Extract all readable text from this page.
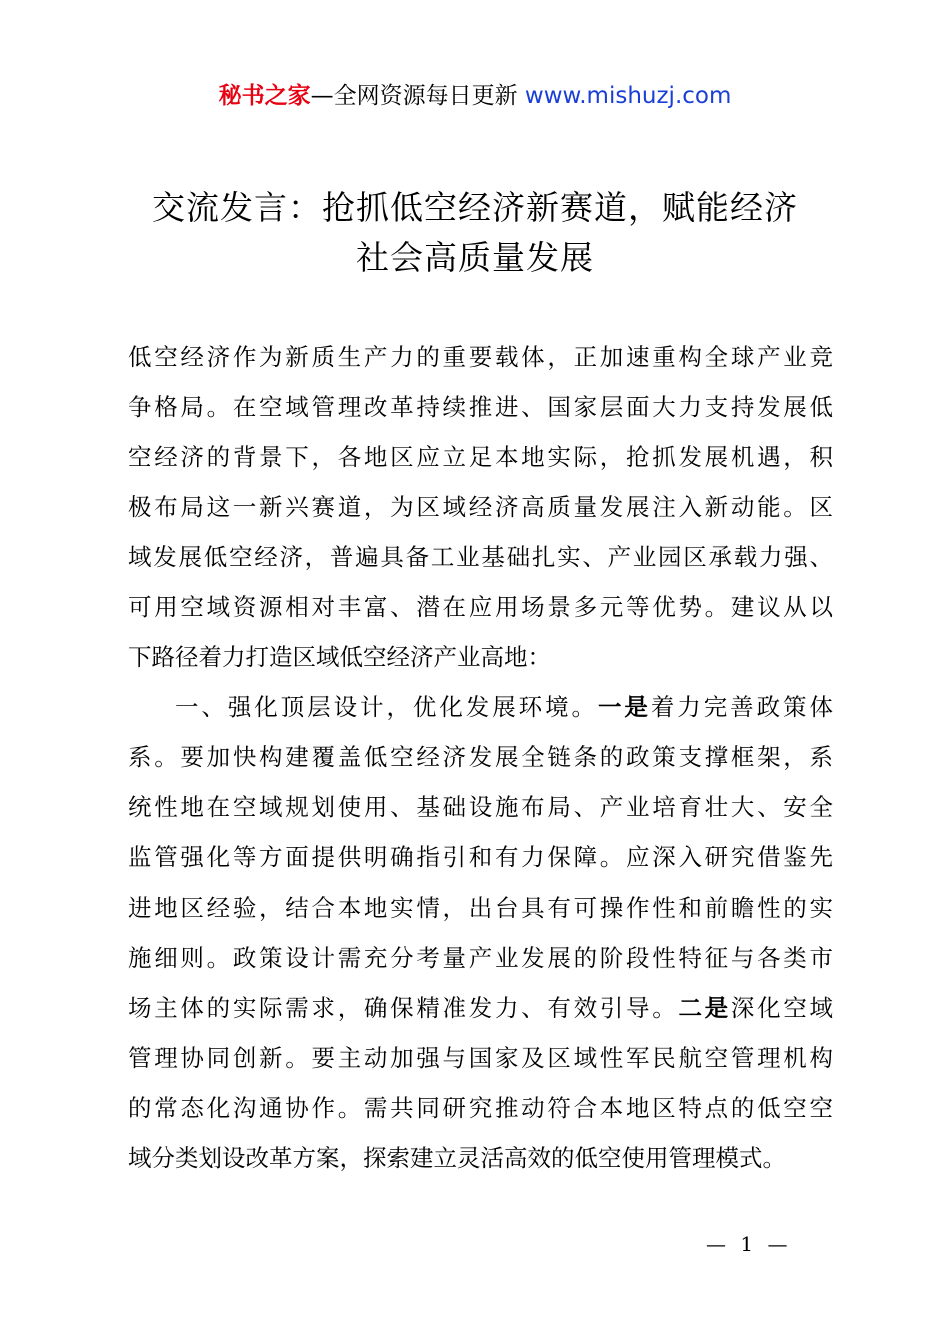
秘书之家—全网资源每日更新 www.mishuzj.com
交流发言：抢抓低空经济新赛道，赋能经济
社会高质量发展
低空经济作为新质生产力的重要载体，正加速重构全球产业竞
争格局。在空域管理改革持续推进、国家层面大力支持发展低
空经济的背景下，各地区应立足本地实际，抢抓发展机遇，积
极布局这一新兴赛道，为区域经济高质量发展注入新动能。区
域发展低空经济，普遍具备工业基础扎实、产业园区承载力强、
可用空域资源相对丰富、潜在应用场景多元等优势。建议从以
下路径着力打造区域低空经济产业高地：
一、强化顶层设计，优化发展环境。一是着力完善政策体
系。要加快构建覆盖低空经济发展全链条的政策支撑框架，系
统性地在空域规划使用、基础设施布局、产业培育壮大、安全
监管强化等方面提供明确指引和有力保障。应深入研究借鉴先
进地区经验，结合本地实情，出台具有可操作性和前瞻性的实
施细则。政策设计需充分考量产业发展的阶段性特征与各类市
场主体的实际需求，确保精准发力、有效引导。二是深化空域
管理协同创新。要主动加强与国家及区域性军民航空管理机构
的常态化沟通协作。需共同研究推动符合本地区特点的低空空
域分类划设改革方案，探索建立灵活高效的低空使用管理模式。
— 1 —
